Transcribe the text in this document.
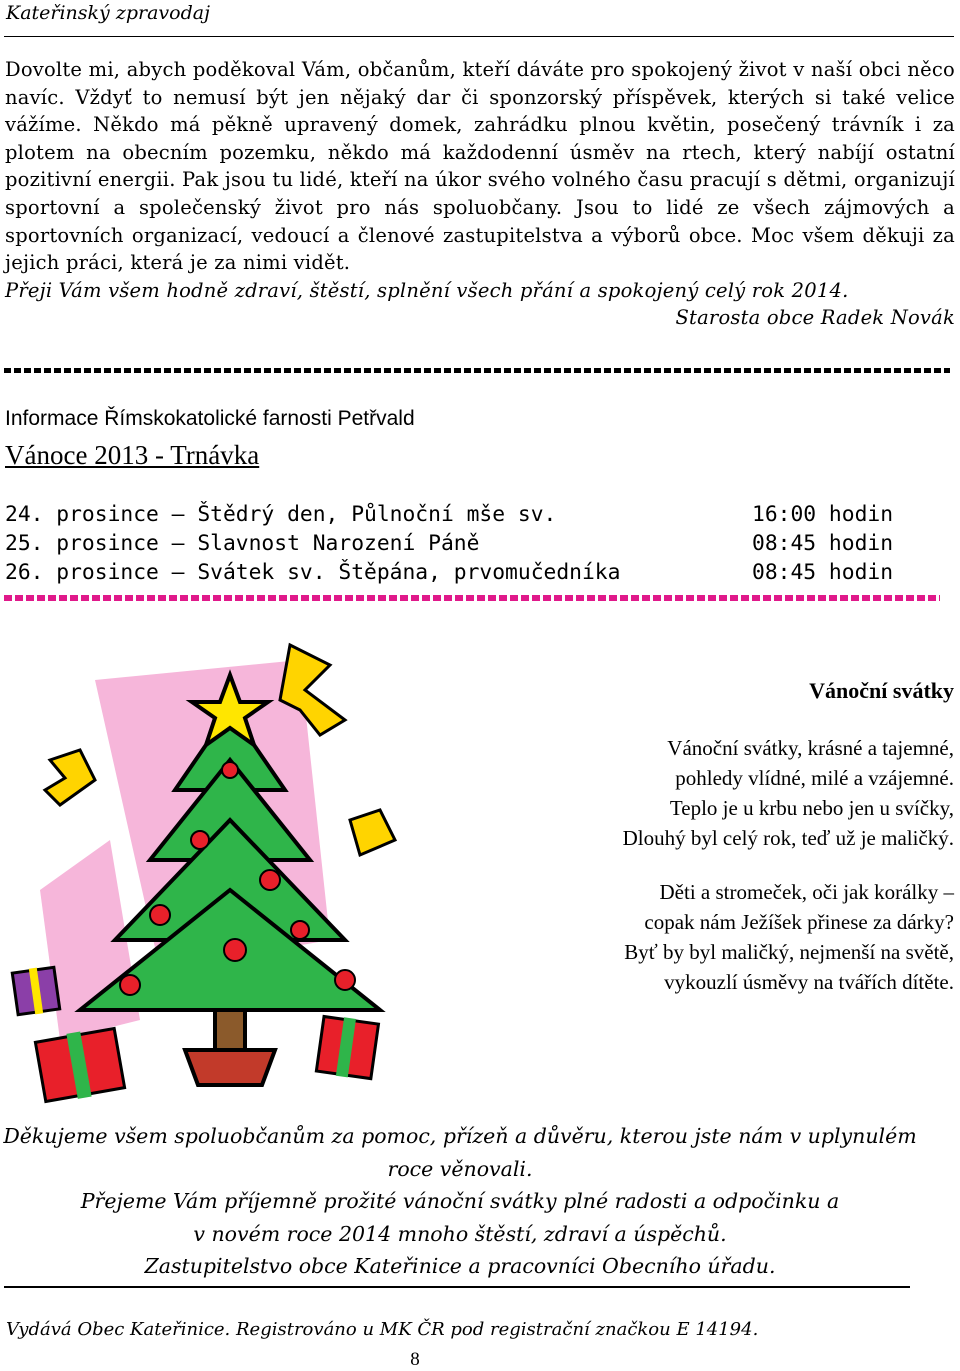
Kateřinský zpravodaj
Dovolte mi, abych poděkoval Vám, občanům, kteří dáváte pro spokojený život v naší obci něco navíc. Vždyť to nemusí být jen nějaký dar či sponzorský příspěvek, kterých si také velice vážíme. Někdo má pěkně upravený domek, zahrádku plnou květin, posečený trávník i za plotem na obecním pozemku, někdo má každodenní úsměv na rtech, který nabíjí ostatní pozitivní energii. Pak jsou tu lidé, kteří na úkor svého volného času pracují s dětmi, organizují sportovní a společenský život pro nás spoluobčany. Jsou to lidé ze všech zájmových a sportovních organizací, vedoucí a členové zastupitelstva a výborů obce. Moc všem děkuji za jejich práci, která je za nimi vidět.
Přeji Vám všem hodně zdraví, štěstí, splnění všech přání a spokojený celý rok 2014.
Starosta obce Radek Novák
Informace Římskokatolické farnosti Petřvald
Vánoce 2013 - Trnávka
24. prosince – Štědrý den, Půlnoční mše sv.	16:00 hodin
25. prosince – Slavnost Narození Páně	08:45 hodin
26. prosince – Svátek sv. Štěpána, prvomučedníka	08:45 hodin
Vánoční svátky
Vánoční svátky, krásné a tajemné,
pohledy vlídné, milé a vzájemné.
Teplo je u krbu nebo jen u svíčky,
Dlouhý byl celý rok, teď už je maličký.
Děti a stromeček, oči jak korálky –
copak nám Ježíšek přinese za dárky?
Byť by byl maličký, nejmenší na světě,
vykouzlí úsměvy na tvářích dítěte.
Děkujeme všem spoluobčanům za pomoc, přízeň a důvěru, kterou jste nám v uplynulém
roce věnovali.
Přejeme Vám příjemně prožité vánoční svátky plné radosti a odpočinku a
v novém roce 2014 mnoho štěstí, zdraví a úspěchů.
Zastupitelstvo obce Kateřinice a pracovníci Obecního úřadu.
Vydává Obec Kateřinice. Registrováno u MK ČR pod registrační značkou E 14194.
8
